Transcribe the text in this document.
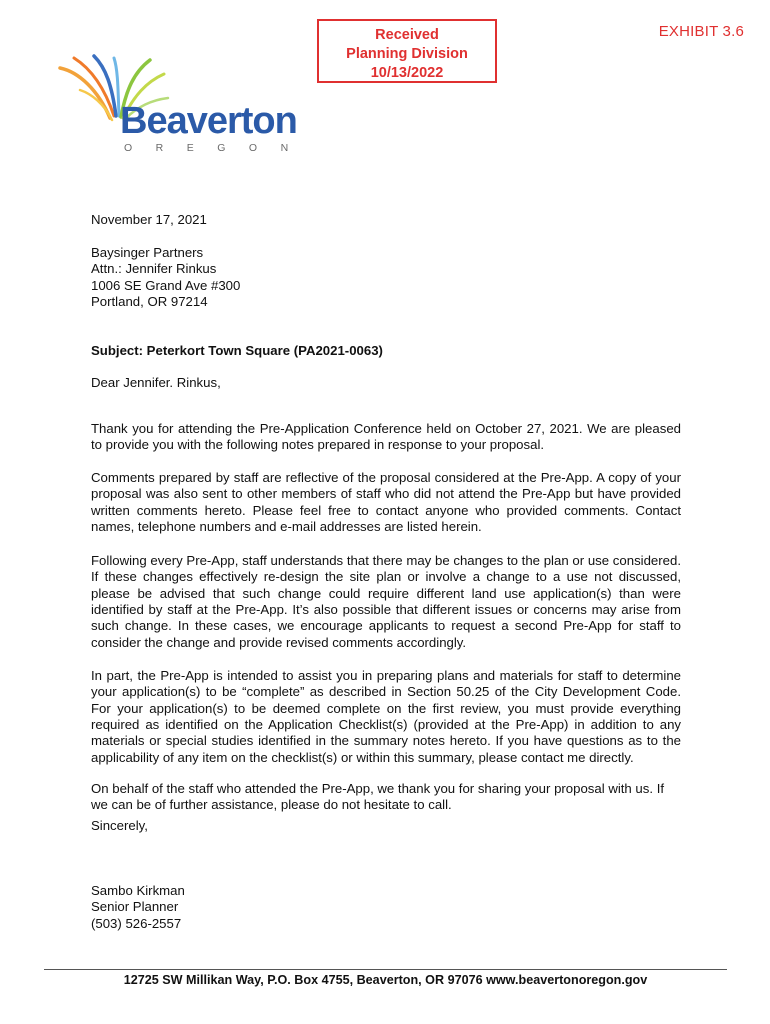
Received
Planning Division
10/13/2022
EXHIBIT 3.6
Beaverton
OREGON
November 17, 2021
Baysinger Partners
Attn.: Jennifer Rinkus
1006 SE Grand Ave #300
Portland, OR 97214
Subject: Peterkort Town Square (PA2021-0063)
Dear Jennifer. Rinkus,

Thank you for attending the Pre-Application Conference held on October 27, 2021. We are pleased to provide you with the following notes prepared in response to your proposal.

Comments prepared by staff are reflective of the proposal considered at the Pre-App. A copy of your proposal was also sent to other members of staff who did not attend the Pre-App but have provided written comments hereto. Please feel free to contact anyone who provided comments. Contact names, telephone numbers and e-mail addresses are listed herein.

Following every Pre-App, staff understands that there may be changes to the plan or use considered. If these changes effectively re-design the site plan or involve a change to a use not discussed, please be advised that such change could require different land use application(s) than were identified by staff at the Pre-App. It’s also possible that different issues or concerns may arise from such change. In these cases, we encourage applicants to request a second Pre-App for staff to consider the change and provide revised comments accordingly.

In part, the Pre-App is intended to assist you in preparing plans and materials for staff to determine your application(s) to be “complete” as described in Section 50.25 of the City Development Code. For your application(s) to be deemed complete on the first review, you must provide everything required as identified on the Application Checklist(s) (provided at the Pre-App) in addition to any materials or special studies identified in the summary notes hereto. If you have questions as to the applicability of any item on the checklist(s) or within this summary, please contact me directly.

On behalf of the staff who attended the Pre-App, we thank you for sharing your proposal with us. If we can be of further assistance, please do not hesitate to call.

Sincerely,
Sambo Kirkman
Senior Planner
(503) 526-2557
12725 SW Millikan Way, P.O. Box 4755, Beaverton, OR 97076 www.beavertonoregon.gov
